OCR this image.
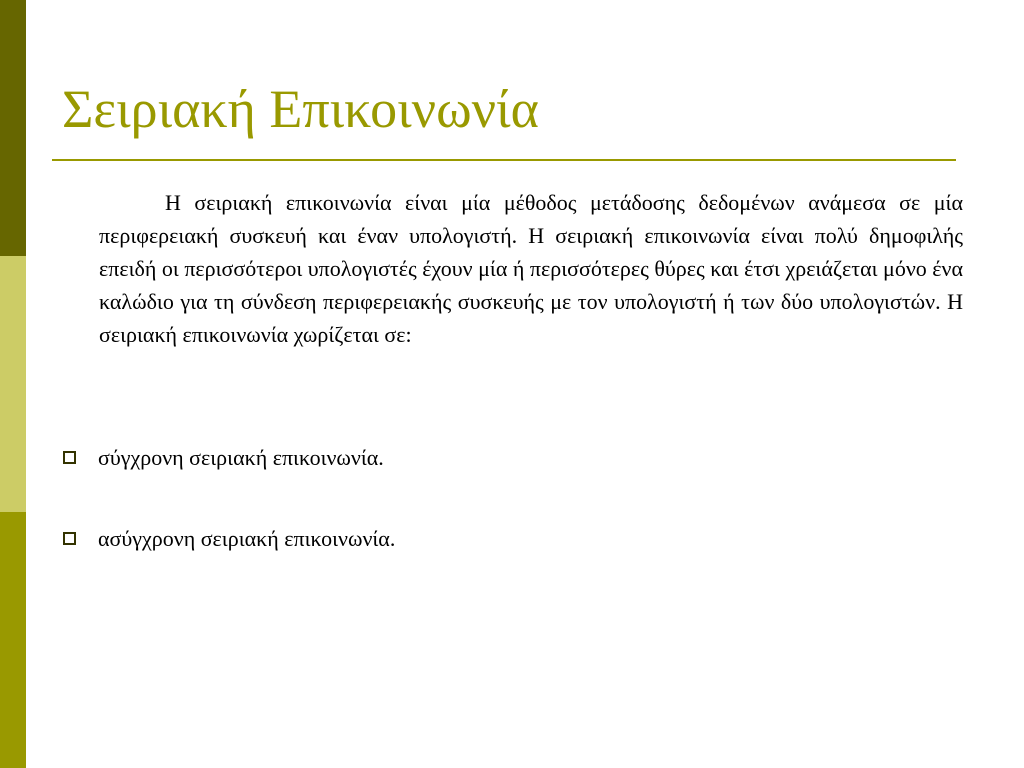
Σειριακή Επικοινωνία

Η σειριακή επικοινωνία είναι μία μέθοδος μετάδοσης δεδομένων ανάμεσα σε μία περιφερειακή συσκευή και έναν υπολογιστή. Η σειριακή επικοινωνία είναι πολύ δημοφιλής επειδή οι περισσότεροι υπολογιστές έχουν μία ή περισσότερες θύρες και έτσι χρειάζεται μόνο ένα καλώδιο για τη σύνδεση περιφερειακής συσκευής με τον υπολογιστή ή των δύο υπολογιστών. Η σειριακή επικοινωνία χωρίζεται σε:

σύγχρονη σειριακή επικοινωνία.
ασύγχρονη σειριακή επικοινωνία.
